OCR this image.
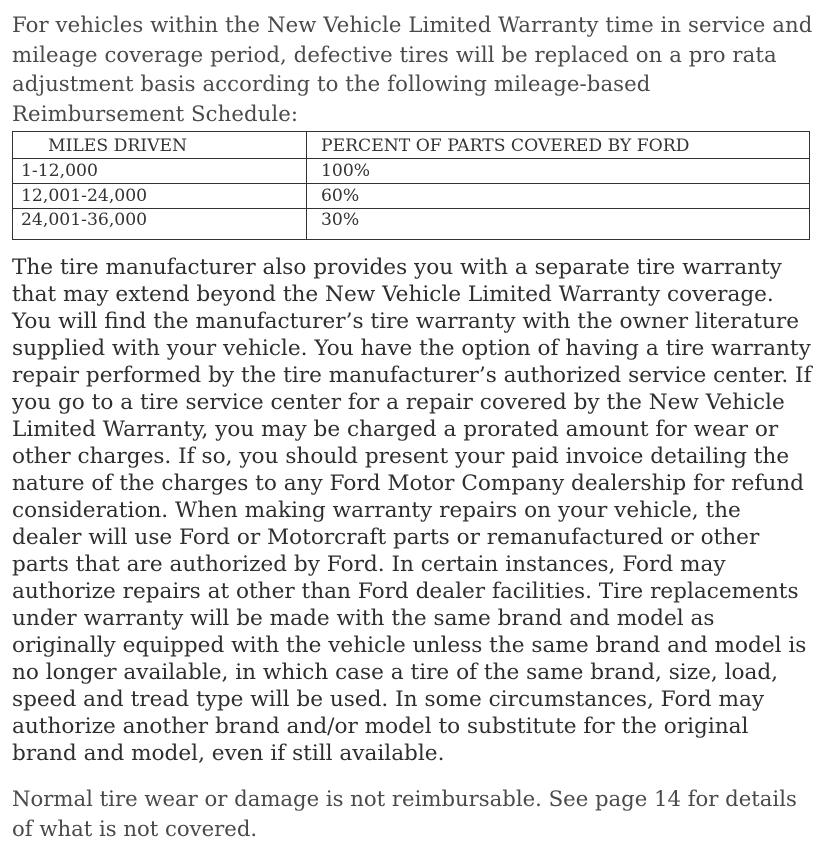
For vehicles within the New Vehicle Limited Warranty time in service and mileage coverage period, defective tires will be replaced on a pro rata adjustment basis according to the following mileage-based Reimbursement Schedule:

MILES DRIVEN	PERCENT OF PARTS COVERED BY FORD
1-12,000	100%
12,001-24,000	60%
24,001-36,000	30%

The tire manufacturer also provides you with a separate tire warranty that may extend beyond the New Vehicle Limited Warranty coverage. You will find the manufacturer’s tire warranty with the owner literature supplied with your vehicle. You have the option of having a tire warranty repair performed by the tire manufacturer’s authorized service center. If you go to a tire service center for a repair covered by the New Vehicle Limited Warranty, you may be charged a prorated amount for wear or other charges. If so, you should present your paid invoice detailing the nature of the charges to any Ford Motor Company dealership for refund consideration. When making warranty repairs on your vehicle, the dealer will use Ford or Motorcraft parts or remanufactured or other parts that are authorized by Ford. In certain instances, Ford may authorize repairs at other than Ford dealer facilities. Tire replacements under warranty will be made with the same brand and model as originally equipped with the vehicle unless the same brand and model is no longer available, in which case a tire of the same brand, size, load, speed and tread type will be used. In some circumstances, Ford may authorize another brand and/or model to substitute for the original brand and model, even if still available.

Normal tire wear or damage is not reimbursable. See page 14 for details of what is not covered.
